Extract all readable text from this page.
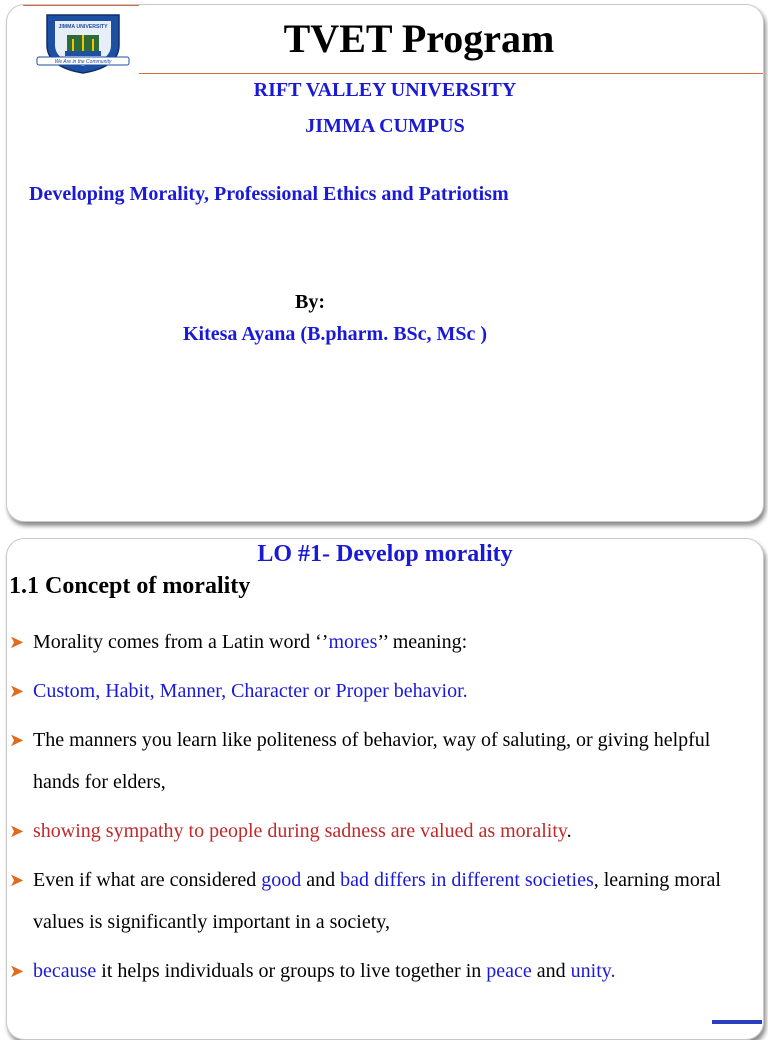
JIMMA UNIVERSITY
We Are in the Community
TVET Program
RIFT VALLEY UNIVERSITY
JIMMA CUMPUS
Developing Morality, Professional Ethics and Patriotism
By:
Kitesa Ayana (B.pharm. BSc, MSc )
LO #1- Develop morality
1.1 Concept of morality
➤ Morality comes from a Latin word ‘’mores’’ meaning:
➤ Custom, Habit, Manner, Character or Proper behavior.
➤ The manners you learn like politeness of behavior, way of saluting, or giving helpful hands for elders,
➤ showing sympathy to people during sadness are valued as morality.
➤ Even if what are considered good and bad differs in different societies, learning moral values is significantly important in a society,
➤ because it helps individuals or groups to live together in peace and unity.
